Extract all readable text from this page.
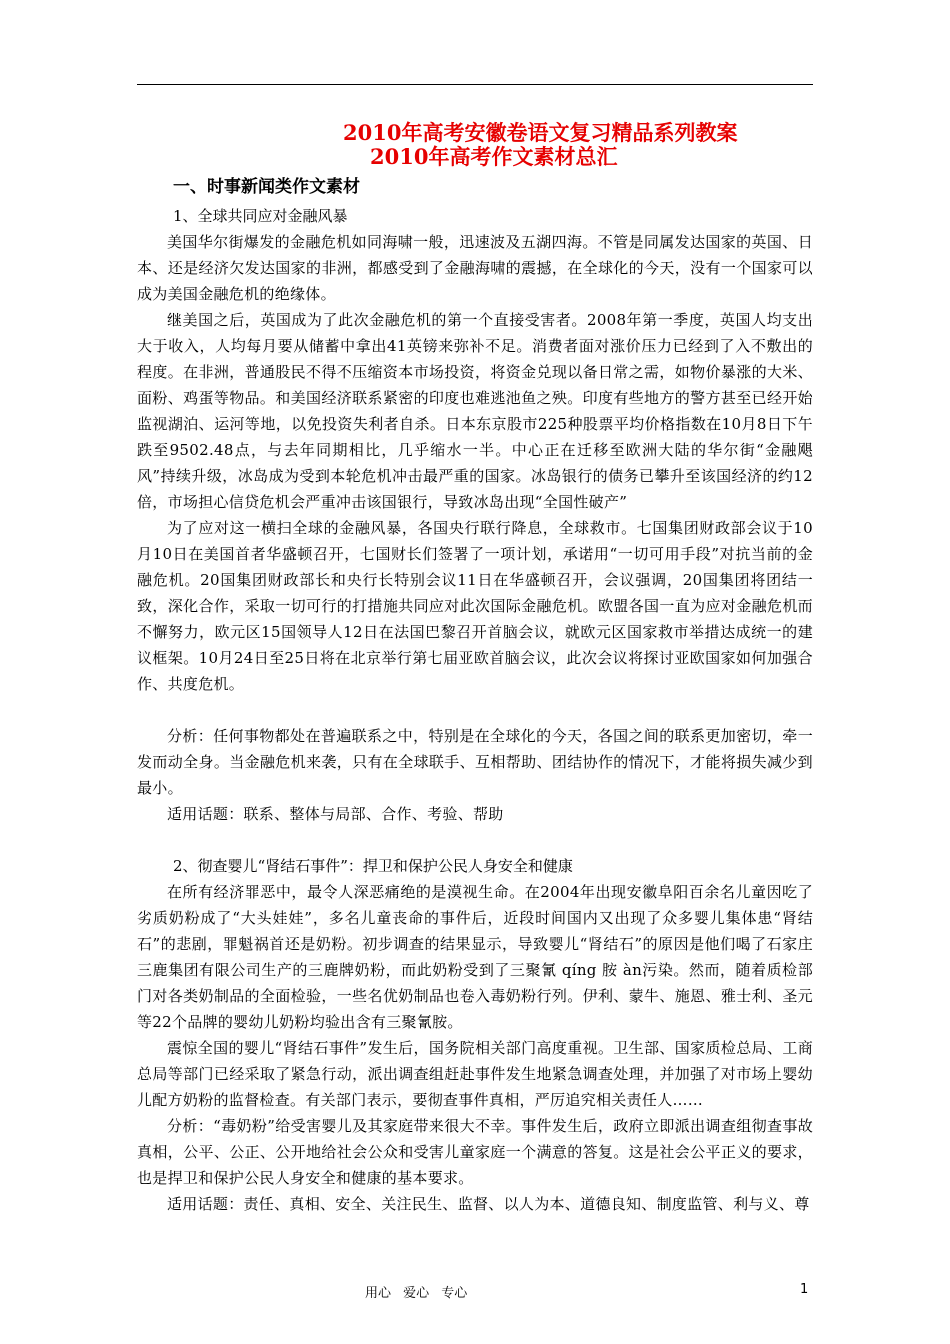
2010年高考安徽卷语文复习精品系列教案
2010年高考作文素材总汇
一、时事新闻类作文素材
1、全球共同应对金融风暴

美国华尔街爆发的金融危机如同海啸一般，迅速波及五湖四海。不管是同属发达国家的英国、日本、还是经济欠发达国家的非洲，都感受到了金融海啸的震撼，在全球化的今天，没有一个国家可以成为美国金融危机的绝缘体。

继美国之后，英国成为了此次金融危机的第一个直接受害者。2008年第一季度，英国人均支出大于收入，人均每月要从储蓄中拿出41英镑来弥补不足。消费者面对涨价压力已经到了入不敷出的程度。在非洲，普通股民不得不压缩资本市场投资，将资金兑现以备日常之需，如物价暴涨的大米、面粉、鸡蛋等物品。和美国经济联系紧密的印度也难逃池鱼之殃。印度有些地方的警方甚至已经开始监视湖泊、运河等地，以免投资失利者自杀。日本东京股市225种股票平均价格指数在10月8日下午跌至9502.48点，与去年同期相比，几乎缩水一半。中心正在迁移至欧洲大陆的华尔街“金融飓风”持续升级，冰岛成为受到本轮危机冲击最严重的国家。冰岛银行的债务已攀升至该国经济的约12倍，市场担心信贷危机会严重冲击该国银行，导致冰岛出现“全国性破产”

为了应对这一横扫全球的金融风暴，各国央行联行降息，全球救市。七国集团财政部会议于10月10日在美国首者华盛顿召开，七国财长们签署了一项计划，承诺用“一切可用手段”对抗当前的金融危机。20国集团财政部长和央行长特别会议11日在华盛顿召开，会议强调，20国集团将团结一致，深化合作，采取一切可行的打措施共同应对此次国际金融危机。欧盟各国一直为应对金融危机而不懈努力，欧元区15国领导人12日在法国巴黎召开首脑会议，就欧元区国家救市举措达成统一的建议框架。10月24日至25日将在北京举行第七届亚欧首脑会议，此次会议将探讨亚欧国家如何加强合作、共度危机。

分析：任何事物都处在普遍联系之中，特别是在全球化的今天，各国之间的联系更加密切，牵一发而动全身。当金融危机来袭，只有在全球联手、互相帮助、团结协作的情况下，才能将损失减少到最小。

适用话题：联系、整体与局部、合作、考验、帮助

2、彻查婴儿“肾结石事件”：捍卫和保护公民人身安全和健康

在所有经济罪恶中，最令人深恶痛绝的是漠视生命。在2004年出现安徽阜阳百余名儿童因吃了劣质奶粉成了“大头娃娃”，多名儿童丧命的事件后，近段时间国内又出现了众多婴儿集体患“肾结石”的悲剧，罪魁祸首还是奶粉。初步调查的结果显示，导致婴儿“肾结石”的原因是他们喝了石家庄三鹿集团有限公司生产的三鹿牌奶粉，而此奶粉受到了三聚氰 qíng 胺 àn污染。然而，随着质检部门对各类奶制品的全面检验，一些名优奶制品也卷入毒奶粉行列。伊利、蒙牛、施恩、雅士利、圣元等22个品牌的婴幼儿奶粉均验出含有三聚氰胺。

震惊全国的婴儿“肾结石事件”发生后，国务院相关部门高度重视。卫生部、国家质检总局、工商总局等部门已经采取了紧急行动，派出调查组赶赴事件发生地紧急调查处理，并加强了对市场上婴幼儿配方奶粉的监督检查。有关部门表示，要彻查事件真相，严厉追究相关责任人……

分析：“毒奶粉”给受害婴儿及其家庭带来很大不幸。事件发生后，政府立即派出调查组彻查事故真相，公平、公正、公开地给社会公众和受害儿童家庭一个满意的答复。这是社会公平正义的要求，也是捍卫和保护公民人身安全和健康的基本要求。

适用话题：责任、真相、安全、关注民生、监督、以人为本、道德良知、制度监管、利与义、尊

用心 爱心 专心	1
